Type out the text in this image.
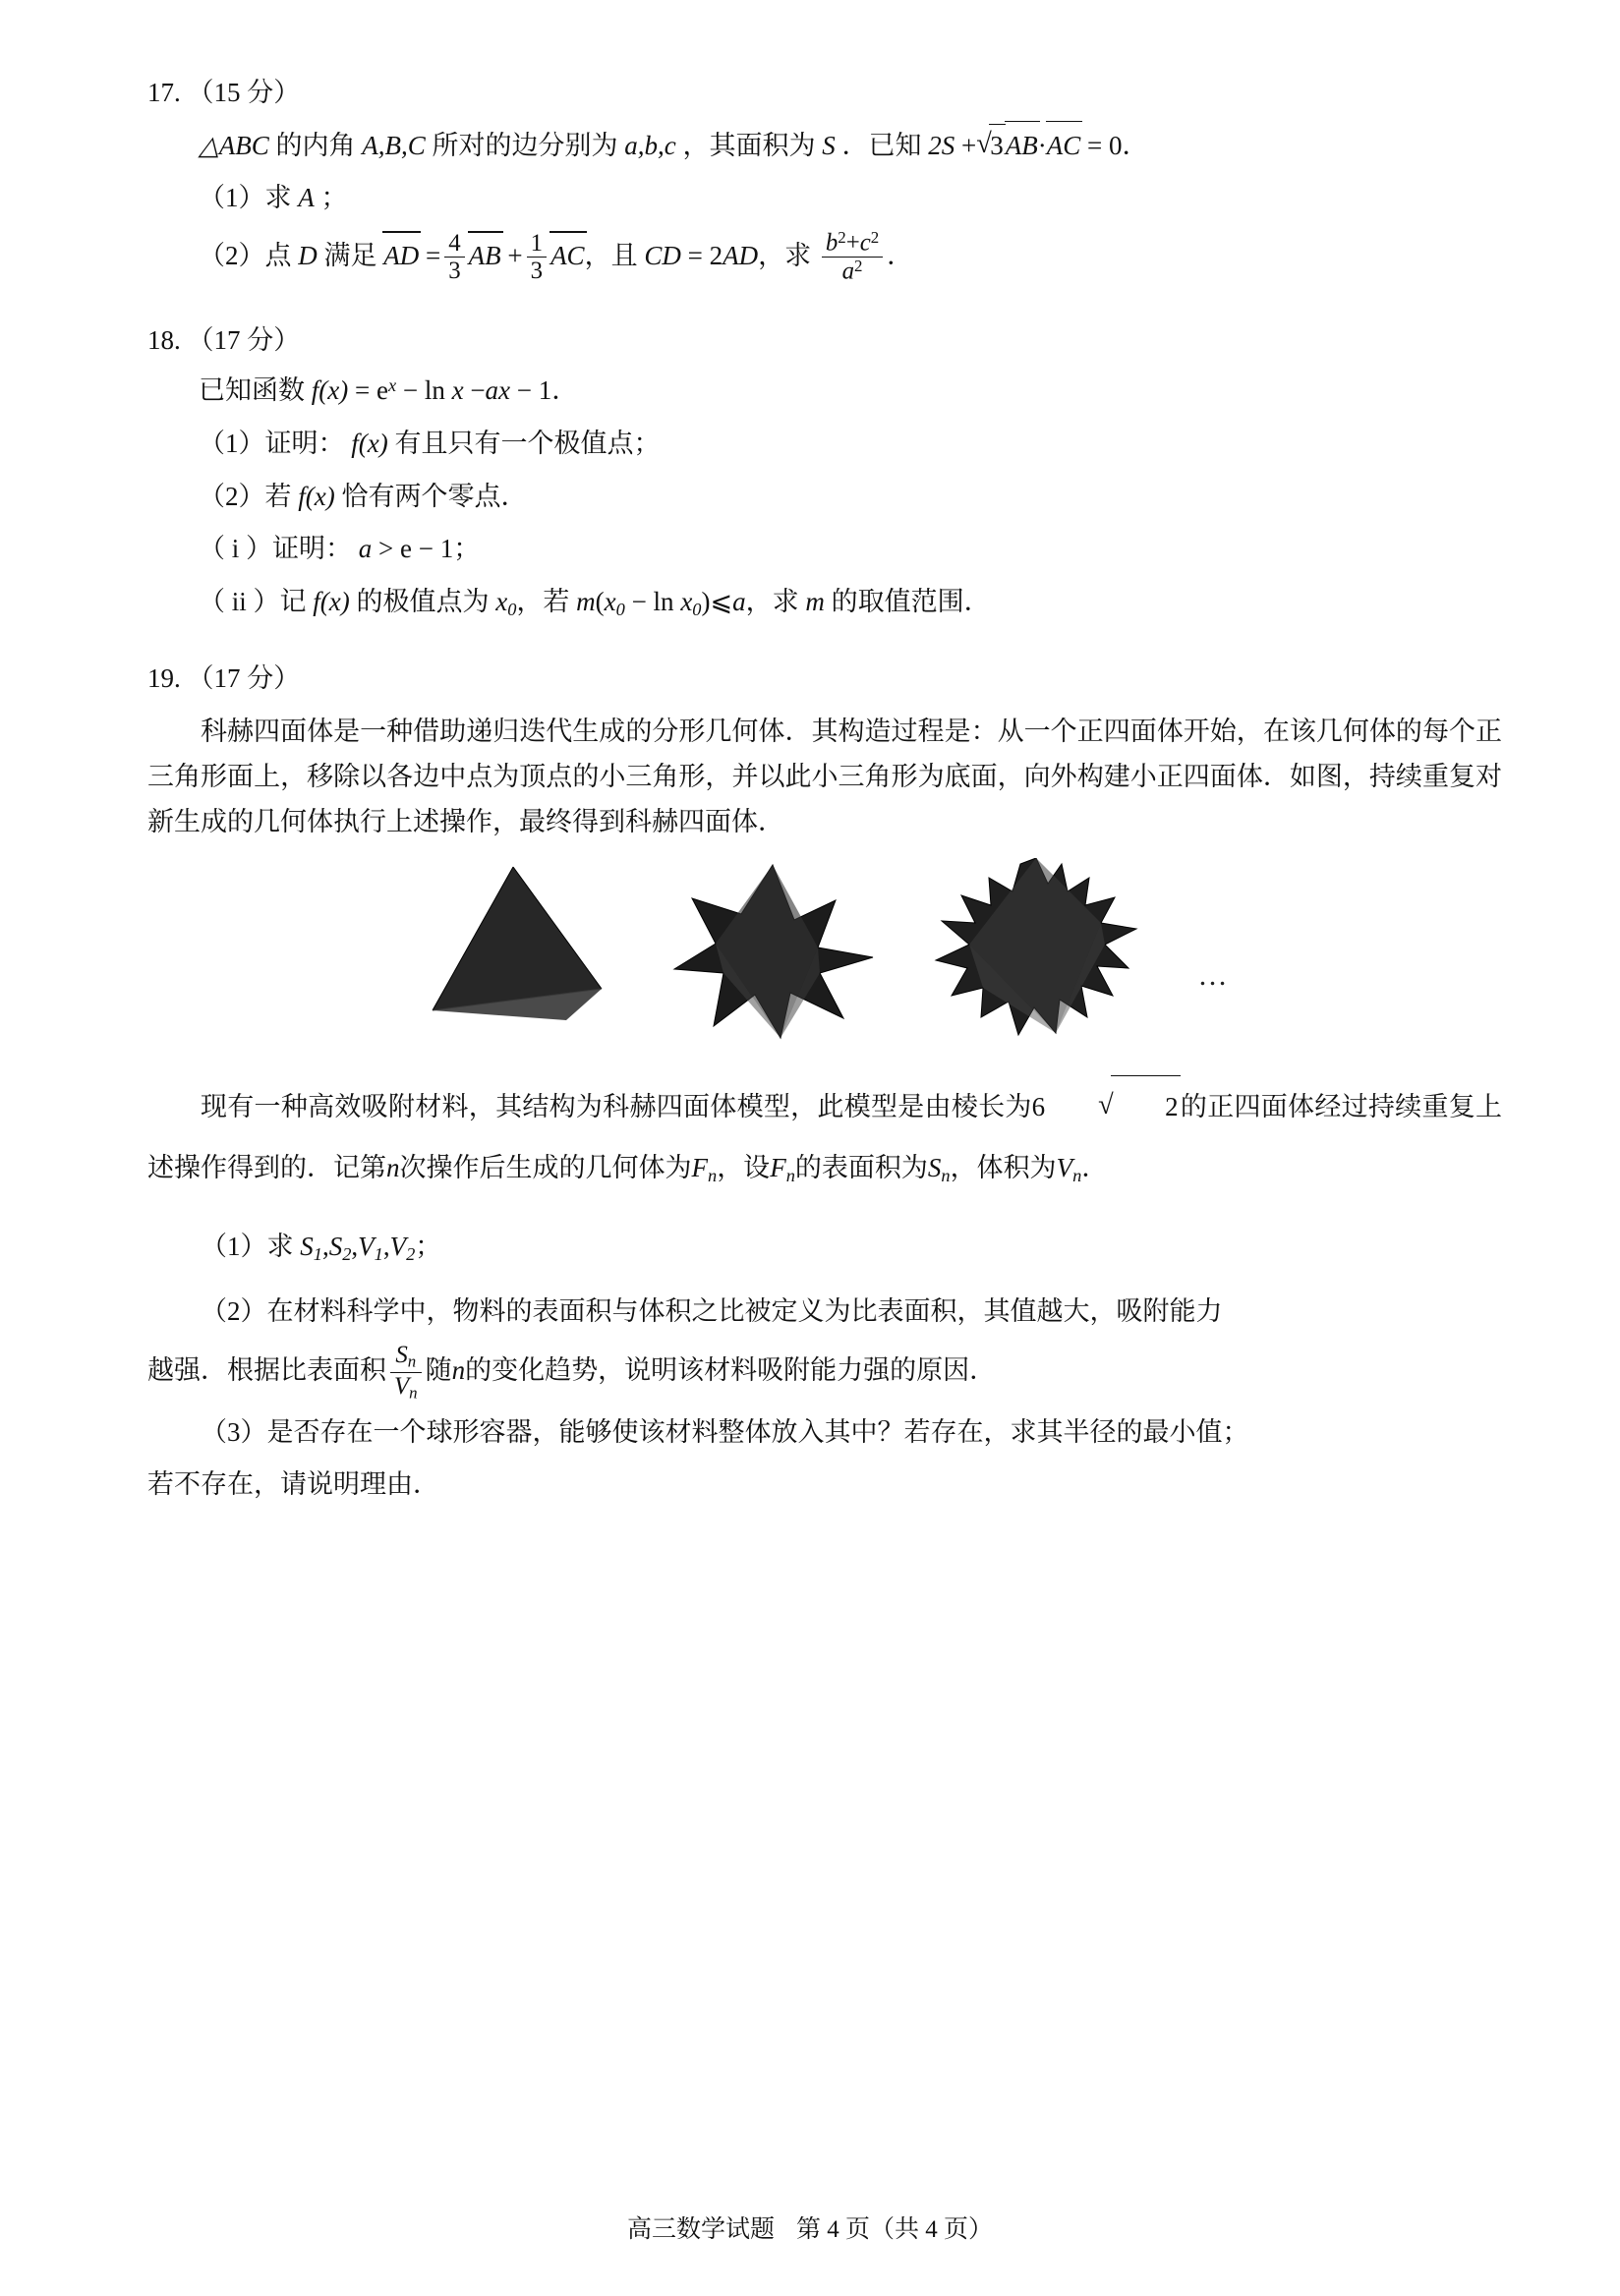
17. （15 分）
△ABC 的内角 A,B,C 所对的边分别为 a,b,c ，其面积为 S ．已知 2S + √ 3AB·AC = 0．
（1）求 A ；
（2）点 D 满足 AD = $\frac{4}{3}$ AB + $\frac{1}{3}$ AC，且 CD = 2AD，求 $\frac{b^2+c^2}{a^2}$ ．
18. （17 分）
已知函数 $f(x) = e^x - \ln x -ax - 1$．
（1）证明： f(x) 有且只有一个极值点；
（2）若 f(x) 恰有两个零点．
（ i ）证明： a > e − 1；
（ ii ）记 f(x) 的极值点为 $x_0$，若 $m(x_0 - \ln$ $x_0)⩽a$，求 m 的取值范围．
19. （17 分）
科赫四面体是一种借助递归迭代生成的分形几何体．其构造过程是：从一个正四面体开始，在该几何体的每个正三角形面上，移除以各边中点为顶点的小三角形，并以此小三角形为底面，向外构建小正四面体．如图，持续重复对新生成的几何体执行上述操作，最终得到科赫四面体．
…
现有一种高效吸附材料，其结构为科赫四面体模型，此模型是由棱长为6	√ 2的正四面体经过持续重复上述操作得到的．记第n次操作后生成的几何体为$F_n$，设$F_n$的表面积为$S_n$，体积为$V_n$．
（1）求 $S_1,S_2,V_1,V_2$；
（2）在材料科学中，物料的表面积与体积之比被定义为比表面积，其值越大，吸附能力
越强．根据比表面积 $\frac{S_n}{V_n}$ 随n的变化趋势，说明该材料吸附能力强的原因．
（3）是否存在一个球形容器，能够使该材料整体放入其中？若存在，求其半径的最小值；
若不存在，请说明理由．
高三数学试题 第 4 页（共 4 页）
